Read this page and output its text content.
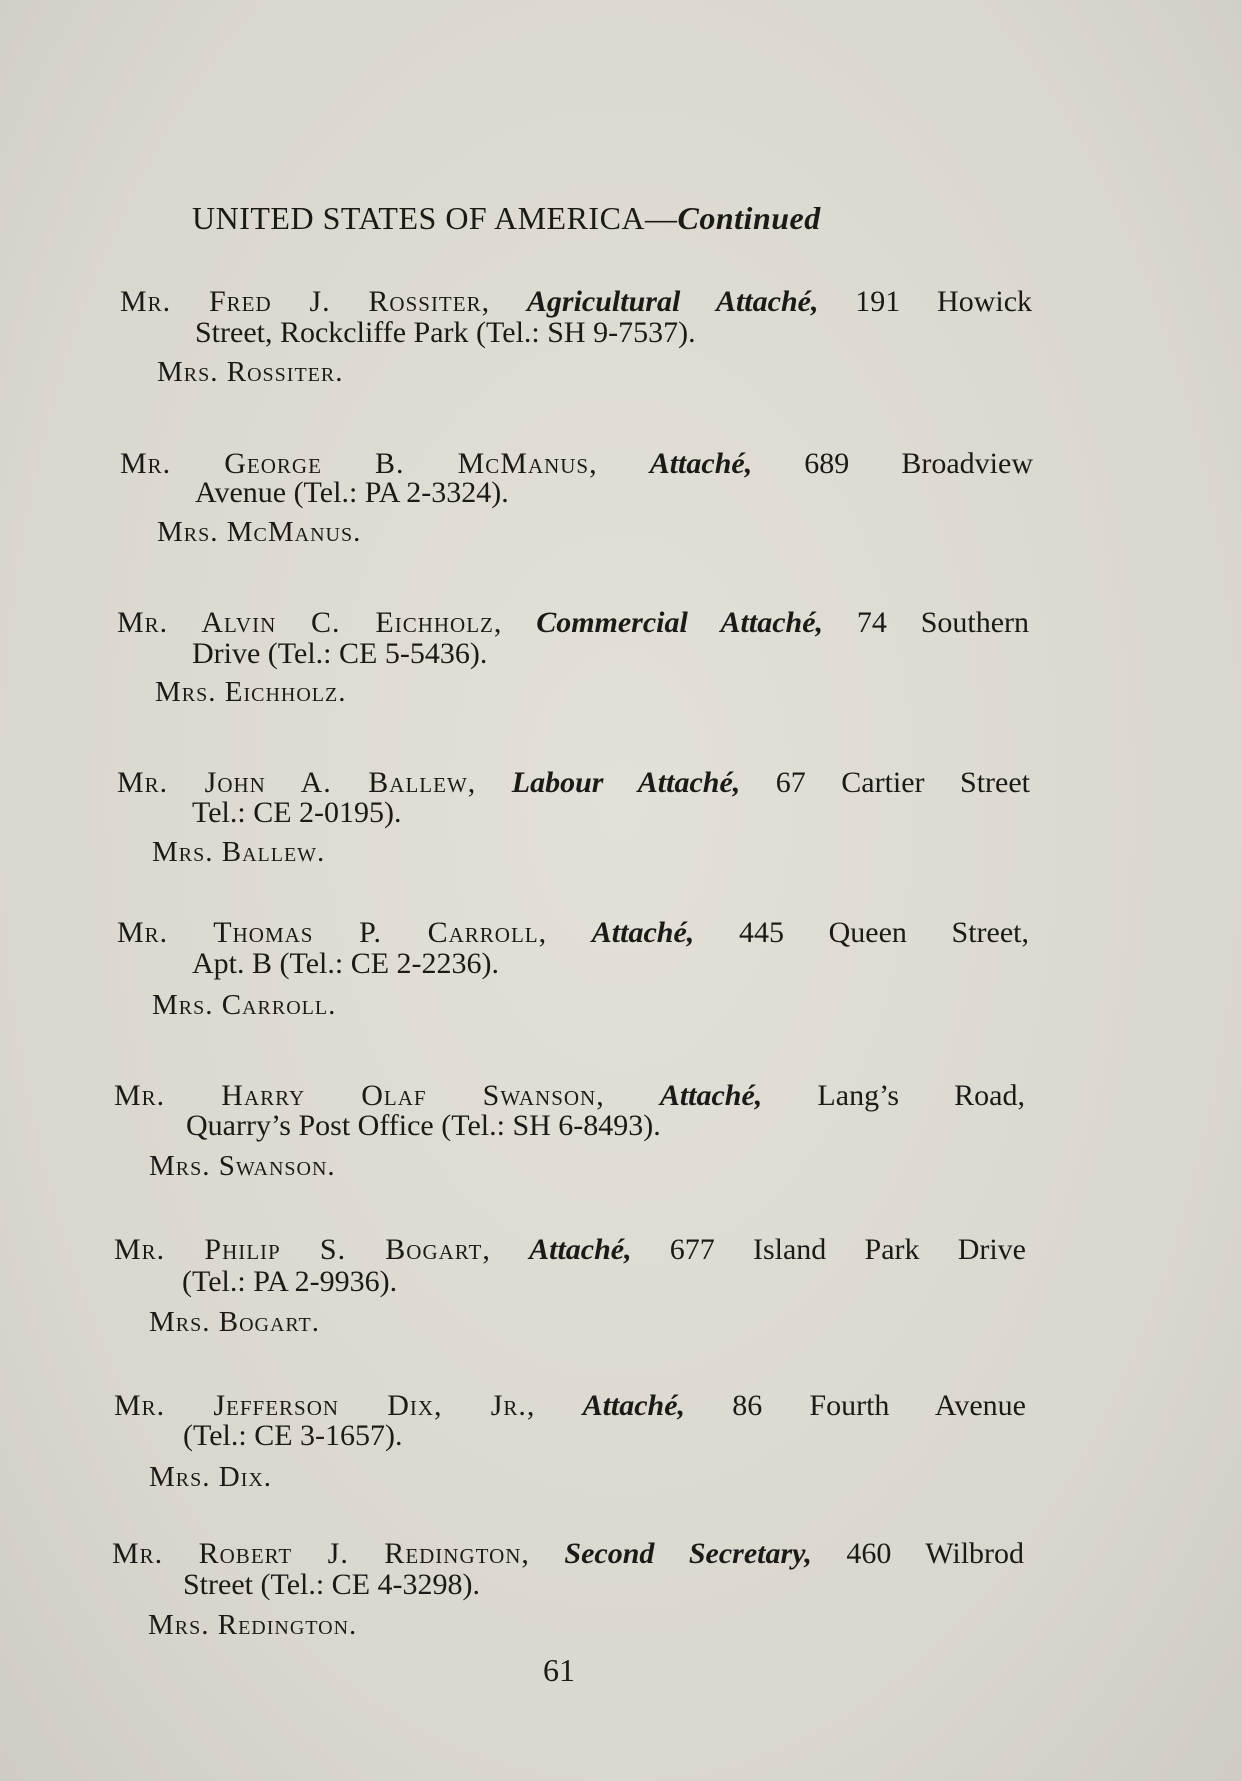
UNITED STATES OF AMERICA—Continued
Mr. Fred J. Rossiter, Agricultural Attaché, 191 Howick
Street, Rockcliffe Park (Tel.: SH 9-7537).
Mrs. Rossiter.
Mr. George B. McManus, Attaché, 689 Broadview
Avenue (Tel.: PA 2-3324).
Mrs. McManus.
Mr. Alvin C. Eichholz, Commercial Attaché, 74 Southern
Drive (Tel.: CE 5-5436).
Mrs. Eichholz.
Mr. John A. Ballew, Labour Attaché, 67 Cartier Street
Tel.: CE 2-0195).
Mrs. Ballew.
Mr. Thomas P. Carroll, Attaché, 445 Queen Street,
Apt. B (Tel.: CE 2-2236).
Mrs. Carroll.
Mr. Harry Olaf Swanson, Attaché, Lang’s Road,
Quarry’s Post Office (Tel.: SH 6-8493).
Mrs. Swanson.
Mr. Philip S. Bogart, Attaché, 677 Island Park Drive
(Tel.: PA 2-9936).
Mrs. Bogart.
Mr. Jefferson Dix, Jr., Attaché, 86 Fourth Avenue
(Tel.: CE 3-1657).
Mrs. Dix.
Mr. Robert J. Redington, Second Secretary, 460 Wilbrod
Street (Tel.: CE 4-3298).
Mrs. Redington.
61
